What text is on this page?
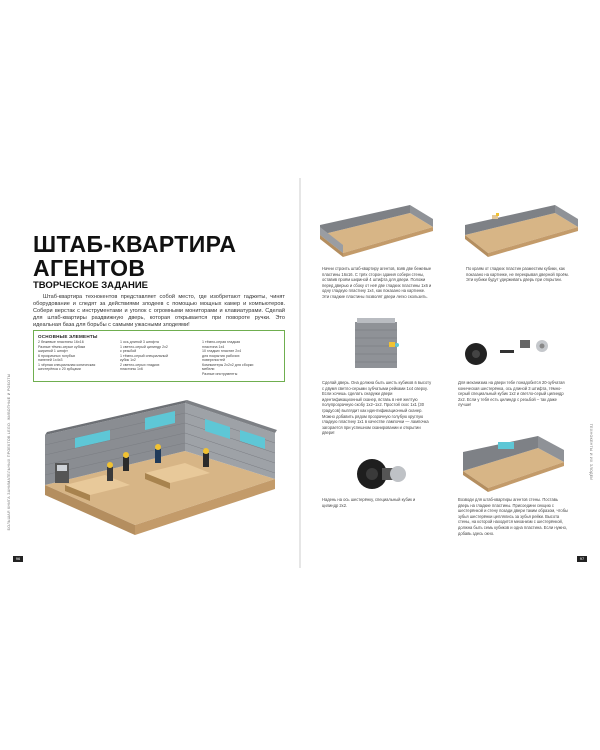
ШТАБ-КВАРТИРА
АГЕНТОВ
ТВОРЧЕСКОЕ ЗАДАНИЕ

Штаб-квартира технокентов представляет собой место, где изобретают гаджеты, чинят оборудование и следят за действиями злодеев с помощью мощных камер и компьютеров. Собери верстак с инструментами и уголок с огромными мониторами и клавиатурами. Сделай для штаб-квартиры раздвижную дверь, которая открывается при повороте ручки. Это идеальная база для борьбы с самыми ужасными злодеями!

ОСНОВНЫЕ ЭЛЕМЕНТЫ
2 бежевые пластины 16x16
Разные тёмно-серые кубики
шириной 1 штифт
6 прозрачных голубых
панелей 1x4x3
1 чёрная специальная коническая
шестерёнка с 20 зубцами
1 ось длиной 3 штифта
1 светло-серый цилиндр 2x2
с резьбой
1 тёмно-серый специальный
кубик 1x2
2 светло-серых гладких
пластины 1x6
1 тёмно-серая гладкая
пластина 1x4
10 гладких пластин 2x4
для покрытия рабочих
поверхностей
Компьютеры 2x2x2 для сборки
мебели
Разные инструменты
БОЛЬШАЯ КНИГА ЗАНИМАТЕЛЬНЫХ ПРОЕКТОВ LEGO. ЖИВОТНЫЕ И РОБОТЫ
96

Начни строить штаб-квартиру агентов, взяв две бежевые пластины 16x16. С трёх сторон здания собери стены, оставив проём шириной 4 штифта для двери. Положи перед дверью и сбоку от неё две гладких пластины 1x6 и одну гладкую пластину 1x4, как показано на картинке. Эти гладкие пластины позволят двери легко скользить.

По краям от гладких пластин разместим кубики, как показано на картинке, не перекрывая дверной проём. Эти кубики будут удерживать дверь при открытии.

Сделай дверь. Она должна быть шесть кубиков в высоту с двумя светло-серыми зубчатыми рейками 1x4 сверху. Если хочешь сделать снаружи двери идентификационный сканер, вставь в неё желтую полупрозрачную скобу 1x2–1x2. Простой скос 1x1 (30 градусов) выглядит как идентификационный сканер. Можно добавить рядом прозрачную голубую круглую гладкую пластину 1x1 в качестве лампочки — лампочка загорается при успешном сканировании и открытии двери!

Для механизма на двери тебе понадобится 20-зубчатая коническая шестерёнка, ось длиной 3 штифта, тёмно-серый специальный кубик 1x2 и светло-серый цилиндр 2x2. Если у тебя есть цилиндр с резьбой – так даже лучше!

Надень на ось шестерёнку, специальный кубик и цилиндр 2x2.

Возводи для штаб-квартиры агентов стены. Поставь дверь на гладкие пластины. Присоедини секцию с шестерёнкой и стену позади двери таким образом, чтобы зубья шестерёнки цеплялись за зубья рейки. Высота стены, на которой находится механизм с шестерёнкой, должна быть семь кубиков и одна пластина. Если нужно, добавь здесь окно.

ТЕХНОКЕНТЫ И ИХ ЗЛОДЕИ
97
